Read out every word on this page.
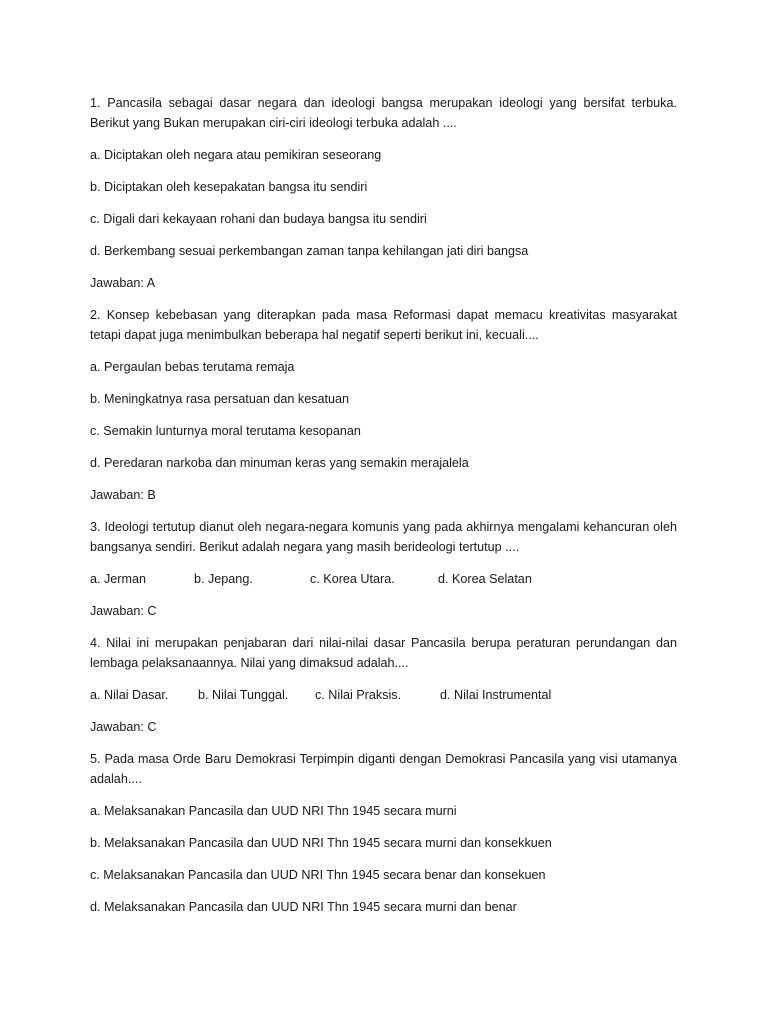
1. Pancasila sebagai dasar negara dan ideologi bangsa merupakan ideologi yang bersifat terbuka. Berikut yang Bukan merupakan ciri-ciri ideologi terbuka adalah ....

a. Diciptakan oleh negara atau pemikiran seseorang

b. Diciptakan oleh kesepakatan bangsa itu sendiri

c. Digali dari kekayaan rohani dan budaya bangsa itu sendiri

d. Berkembang sesuai perkembangan zaman tanpa kehilangan jati diri bangsa

Jawaban: A

2. Konsep kebebasan yang diterapkan pada masa Reformasi dapat memacu kreativitas masyarakat tetapi dapat juga menimbulkan beberapa hal negatif seperti berikut ini, kecuali....

a. Pergaulan bebas terutama remaja

b. Meningkatnya rasa persatuan dan kesatuan

c. Semakin lunturnya moral terutama kesopanan

d. Peredaran narkoba dan minuman keras yang semakin merajalela

Jawaban: B

3. Ideologi tertutup dianut oleh negara-negara komunis yang pada akhirnya mengalami kehancuran oleh bangsanya sendiri. Berikut adalah negara yang masih berideologi tertutup ....

a. Jerman	b. Jepang.	c. Korea Utara.	d. Korea Selatan

Jawaban: C

4. Nilai ini merupakan penjabaran dari nilai-nilai dasar Pancasila berupa peraturan perundangan dan lembaga pelaksanaannya. Nilai yang dimaksud adalah....

a. Nilai Dasar.	b. Nilai Tunggal.	c. Nilai Praksis.	d. Nilai Instrumental

Jawaban: C

5. Pada masa Orde Baru Demokrasi Terpimpin diganti dengan Demokrasi Pancasila yang visi utamanya adalah....

a. Melaksanakan Pancasila dan UUD NRI Thn 1945 secara murni

b. Melaksanakan Pancasila dan UUD NRI Thn 1945 secara murni dan konsekkuen

c. Melaksanakan Pancasila dan UUD NRI Thn 1945 secara benar dan konsekuen

d. Melaksanakan Pancasila dan UUD NRI Thn 1945 secara murni dan benar
